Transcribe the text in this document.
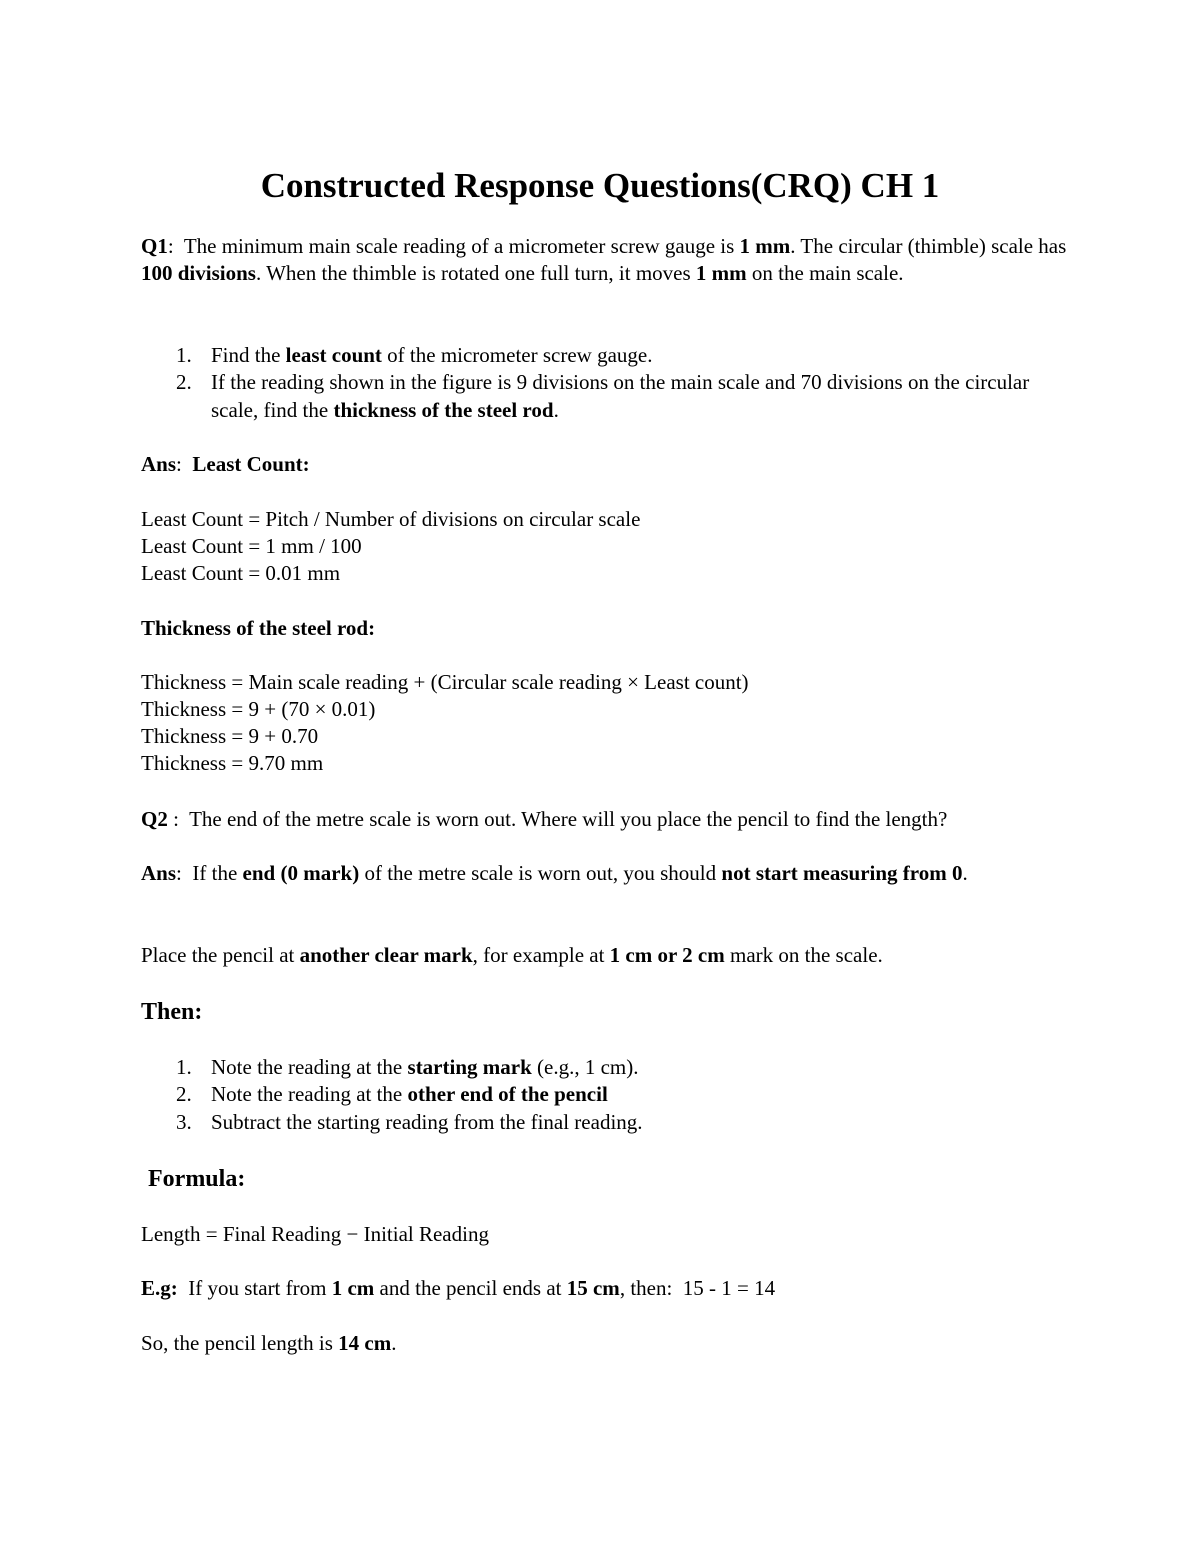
Constructed Response Questions(CRQ) CH 1

Q1:  The minimum main scale reading of a micrometer screw gauge is 1 mm. The circular (thimble) scale has 100 divisions. When the thimble is rotated one full turn, it moves 1 mm on the main scale.

1. Find the least count of the micrometer screw gauge.
2. If the reading shown in the figure is 9 divisions on the main scale and 70 divisions on the circular scale, find the thickness of the steel rod.

Ans:  Least Count:

Least Count = Pitch / Number of divisions on circular scale

Least Count = 1 mm / 100

Least Count = 0.01 mm

Thickness of the steel rod:

Thickness = Main scale reading + (Circular scale reading × Least count)

Thickness = 9 + (70 × 0.01)

Thickness = 9 + 0.70

Thickness = 9.70 mm

Q2 :  The end of the metre scale is worn out. Where will you place the pencil to find the length?

Ans:  If the end (0 mark) of the metre scale is worn out, you should not start measuring from 0.

Place the pencil at another clear mark, for example at 1 cm or 2 cm mark on the scale.

Then:

1. Note the reading at the starting mark (e.g., 1 cm).
2. Note the reading at the other end of the pencil
3. Subtract the starting reading from the final reading.

Formula:

Length = Final Reading − Initial Reading

E.g:  If you start from 1 cm and the pencil ends at 15 cm, then:  15 - 1 = 14

So, the pencil length is 14 cm.
